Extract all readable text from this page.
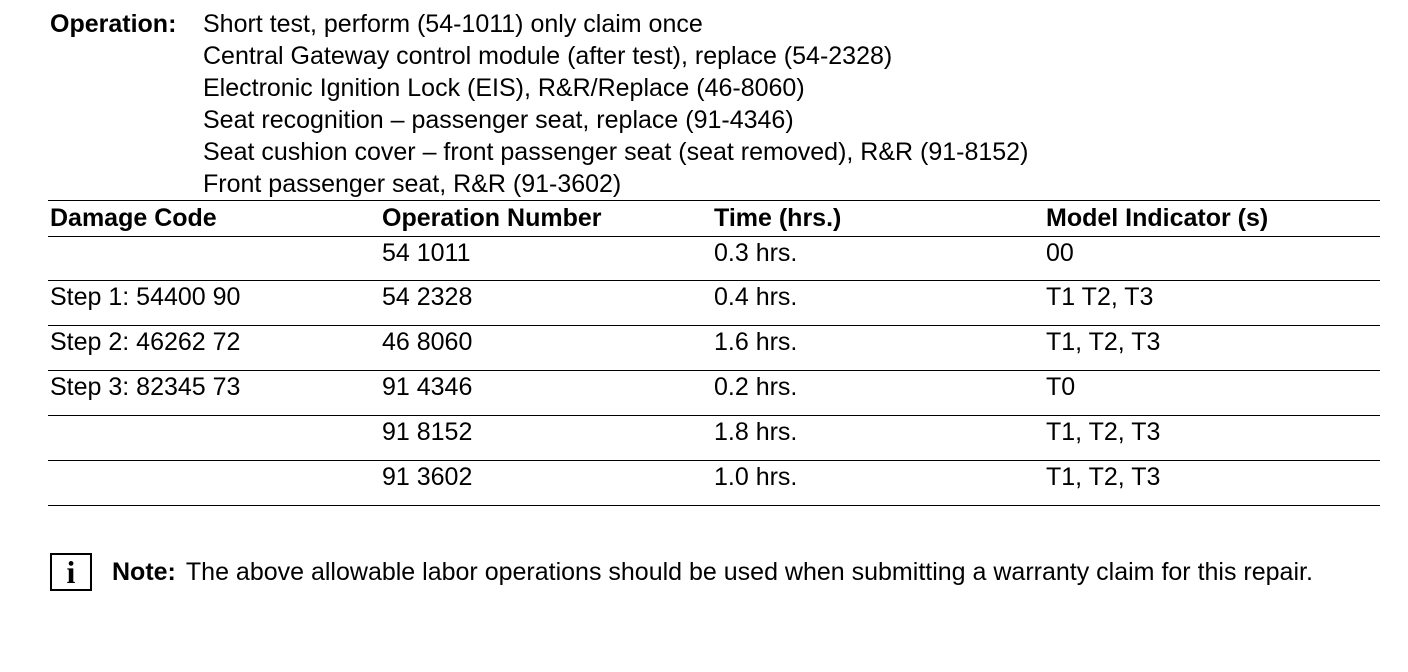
Operation: Short test, perform (54-1011) only claim once
Central Gateway control module (after test), replace (54-2328)
Electronic Ignition Lock (EIS), R&R/Replace (46-8060)
Seat recognition – passenger seat, replace (91-4346)
Seat cushion cover – front passenger seat (seat removed), R&R (91-8152)
Front passenger seat, R&R (91-3602)
Damage Code	Operation Number	Time (hrs.)	Model Indicator (s)
	54 1011	0.3 hrs.	00
Step 1: 54400 90	54 2328	0.4 hrs.	T1 T2, T3
Step 2: 46262 72	46 8060	1.6 hrs.	T1, T2, T3
Step 3: 82345 73	91 4346	0.2 hrs.	T0
	91 8152	1.8 hrs.	T1, T2, T3
	91 3602	1.0 hrs.	T1, T2, T3
i Note: The above allowable labor operations should be used when submitting a warranty claim for this repair.
